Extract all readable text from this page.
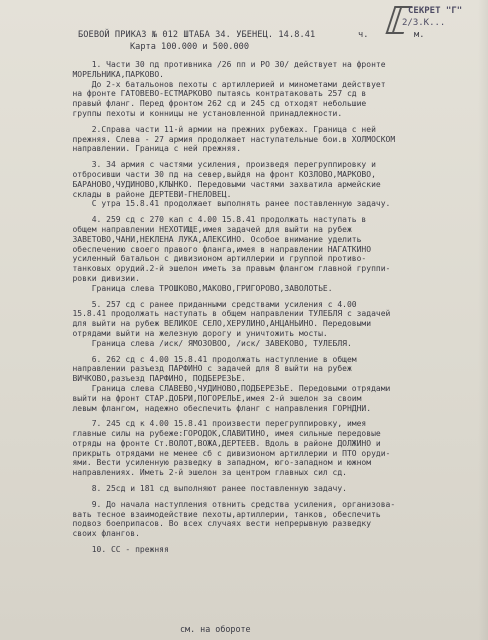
СЕКРЕТ "Г"
2/3.К...
БОЕВОЙ ПРИКАЗ № 012 ШТАБА 34. УБЕНЕЦ. 14.8.41	ч.	м.
Карта 100.000 и 500.000

1. Части 30 пд противника /26 пп и РО 30/ действует на фронте
МОРЕЛЬНИКА,ПАРКОВО.
До 2-х батальонов пехоты с артиллерией и минометами действует
на фронте ГАТОВЕВО-ЕСТМАРКОВО пытаясь контратаковать 257 сд в
правый фланг. Перед фронтом 262 сд и 245 сд отходят небольшие
группы пехоты и конницы не установленной принадлежности.

2.Справа части 11-й армии на прежних рубежах. Граница с ней
прежняя. Слева - 27 армия продолжает наступательные бои.в ХОЛМОСКОМ
направлении. Граница с ней прежняя.

3. 34 армия с частями усиления, произведя перегруппировку и
отбросивши части 30 пд на север,выйдя на фронт КОЗЛОВО,МАРКОВО,
БАРАНОВО,ЧУДИНОВО,КЛЫНКО. Передовыми частями захватила армейские
склады в районе ДЕРТЕВИ-ГНЕЛОВЕЦ.
С утра 15.8.41 продолжает выполнять ранее поставленную задачу.

4. 259 сд с 270 кап с 4.00 15.8.41 продолжать наступать в
общем направлении НЕХОТИЩЕ,имея задачей для выйти на рубеж
ЗАВЕТОВО,ЧАНИ,НЕКЛЕНА ЛУКА,АЛЕКСИНО. Особое внимание уделить
обеспечению своего правого фланга,имея в направлении НАГАТКИНО
усиленный батальон с дивизионом артиллерии и группой противо-
танковых орудий.2-й эшелон иметь за правым флангом главной группи-
ровки дивизии.
Граница слева ТРОШКОВО,МАКОВО,ГРИГОРОВО,ЗАВОЛОТЬЕ.

5. 257 сд с ранее приданными средствами усиления с 4.00
15.8.41 продолжать наступать в общем направлении ТУЛЕБЛЯ с задачей
для выйти на рубеж ВЕЛИКОЕ СЕЛО,ХЕРУЛИНО,АНЦАНЬИНО. Передовыми
отрядами выйти на железную дорогу и уничтожить мосты.
Граница слева /иск/ ЯМОЗОВОО, /иск/ ЗАВЕКОВО, ТУЛЕБЛЯ.

6. 262 сд с 4.00 15.8.41 продолжать наступление в общем
направлении разъезд ПАРФИНО с задачей для 8 выйти на рубеж
ВИЧКОВО,разъезд ПАРФИНО, ПОДБЕРЕЗЬЕ.
Граница слева СЛАВЕВО,ЧУДИНОВО,ПОДБЕРЕЗЬЕ. Передовыми отрядами
выйти на фронт СТАР.ДОБРИ,ПОГОРЕЛЬЕ,имея 2-й эшелон за своим
левым флангом, надежно обеспечить фланг с направления ГОРНДНИ.

7. 245 сд к 4.00 15.8.41 произвести перегруппировку, имея
главные силы на рубеже:ГОРОДОК,СЛАВИТИНО, имея сильные передовые
отряды на фронте Ст.ВОЛОТ,ВОЖА,ДЕРТЕЕВ. Вдоль в районе ДОЛЖИНО и
прикрыть отрядами не менее сб с дивизионом артиллерии и ПТО оруди-
ями. Вести усиленную разведку в западном, юго-западном и южном
направлениях. Иметь 2-й эшелон за центром главных сил сд.

8. 25сд и 181 сд выполняют ранее поставленную задачу.

9. До начала наступления отвнить средства усиления, организова-
вать тесное взаимодействие пехоты,артиллерии, танков, обеспечить
подвоз боеприпасов. Во всех случаях вести непрерывную разведку
своих флангов.

10. СС - прежняя

см. на обороте
